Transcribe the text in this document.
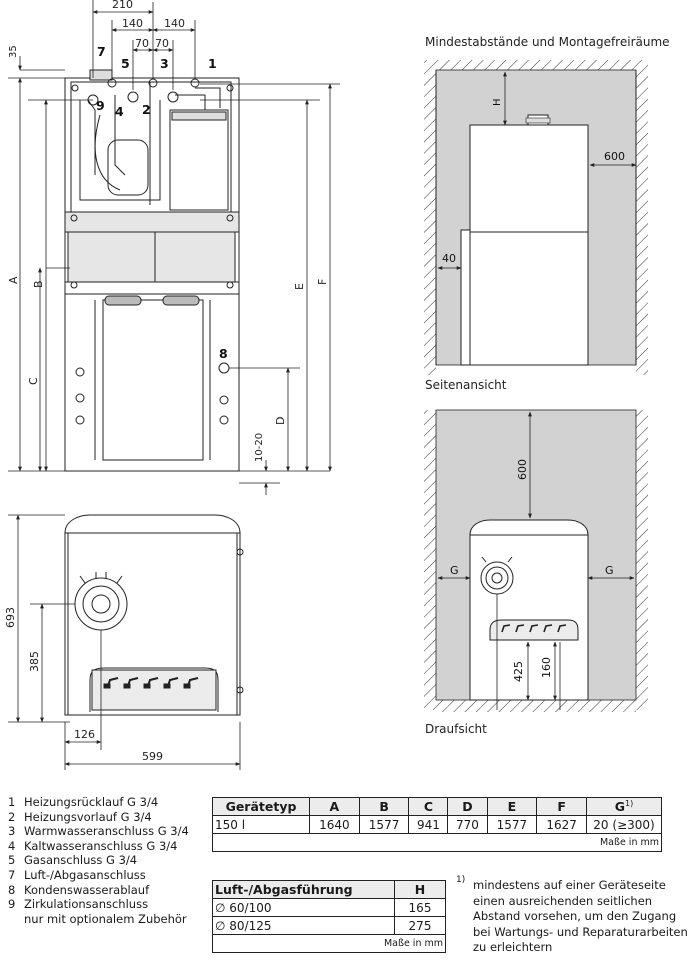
210
140 140
70 70
35
A
B
C
D
E
F
10-20
1
2
3
4
5
7
8
9
693
385
126
599
Mindestabstände und Montagefreiräume
H
600
40
Seitenansicht
600
G	G
425 160
Draufsicht
1 Heizungsrücklauf G 3/4
2 Heizungsvorlauf G 3/4
3 Warmwasseranschluss G 3/4
4 Kaltwasseranschluss G 3/4
5 Gasanschluss G 3/4
7 Luft-/Abgasanschluss
8 Kondenswasserablauf
9 Zirkulationsanschluss
nur mit optionalem Zubehör
Gerätetyp	A	B	C	D	E	F	$G^{1)}$
150 l	1640	1577	941	770	1577	1627	20 (≥300)
Maße in mm							
Luft-/Abgasführung	H
∅ 60/100	165
∅ 80/125	275
Maße in mm	
1) mindestens auf einer Geräteseite
einen ausreichenden seitlichen
Abstand vorsehen, um den Zugang
bei Wartungs- und Reparaturarbeiten
zu erleichtern
